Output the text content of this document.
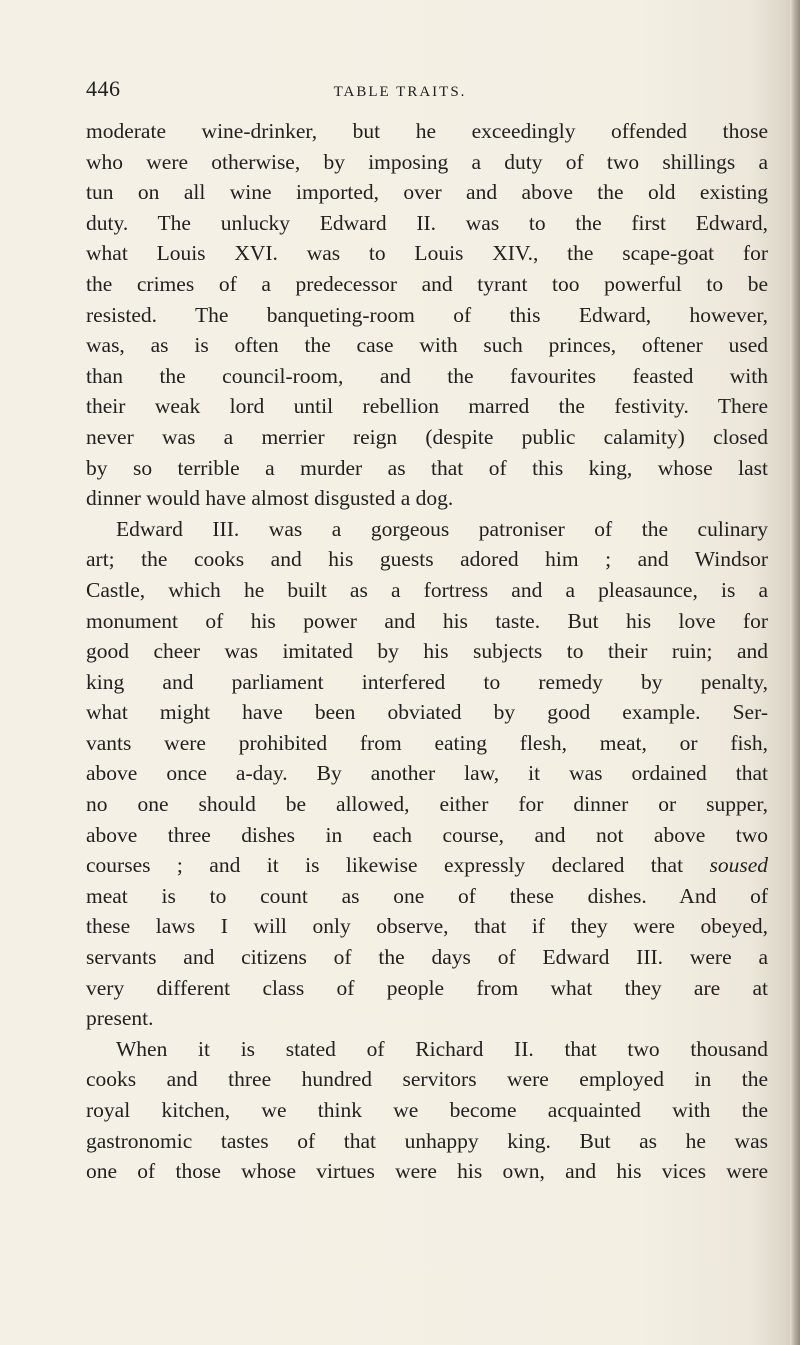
446	TABLE TRAITS.

moderate wine-drinker, but he exceedingly offended those
who were otherwise, by imposing a duty of two shillings a
tun on all wine imported, over and above the old existing
duty. The unlucky Edward II. was to the first Edward,
what Louis XVI. was to Louis XIV., the scape-goat for
the crimes of a predecessor and tyrant too powerful to be
resisted. The banqueting-room of this Edward, however,
was, as is often the case with such princes, oftener used
than the council-room, and the favourites feasted with
their weak lord until rebellion marred the festivity. There
never was a merrier reign (despite public calamity) closed
by so terrible a murder as that of this king, whose last
dinner would have almost disgusted a dog.
Edward III. was a gorgeous patroniser of the culinary
art; the cooks and his guests adored him ; and Windsor
Castle, which he built as a fortress and a pleasaunce, is a
monument of his power and his taste. But his love for
good cheer was imitated by his subjects to their ruin; and
king and parliament interfered to remedy by penalty,
what might have been obviated by good example. Ser-
vants were prohibited from eating flesh, meat, or fish,
above once a-day. By another law, it was ordained that
no one should be allowed, either for dinner or supper,
above three dishes in each course, and not above two
courses ; and it is likewise expressly declared that soused
meat is to count as one of these dishes. And of
these laws I will only observe, that if they were obeyed,
servants and citizens of the days of Edward III. were a
very different class of people from what they are at
present.
When it is stated of Richard II. that two thousand
cooks and three hundred servitors were employed in the
royal kitchen, we think we become acquainted with the
gastronomic tastes of that unhappy king. But as he was
one of those whose virtues were his own, and his vices were
